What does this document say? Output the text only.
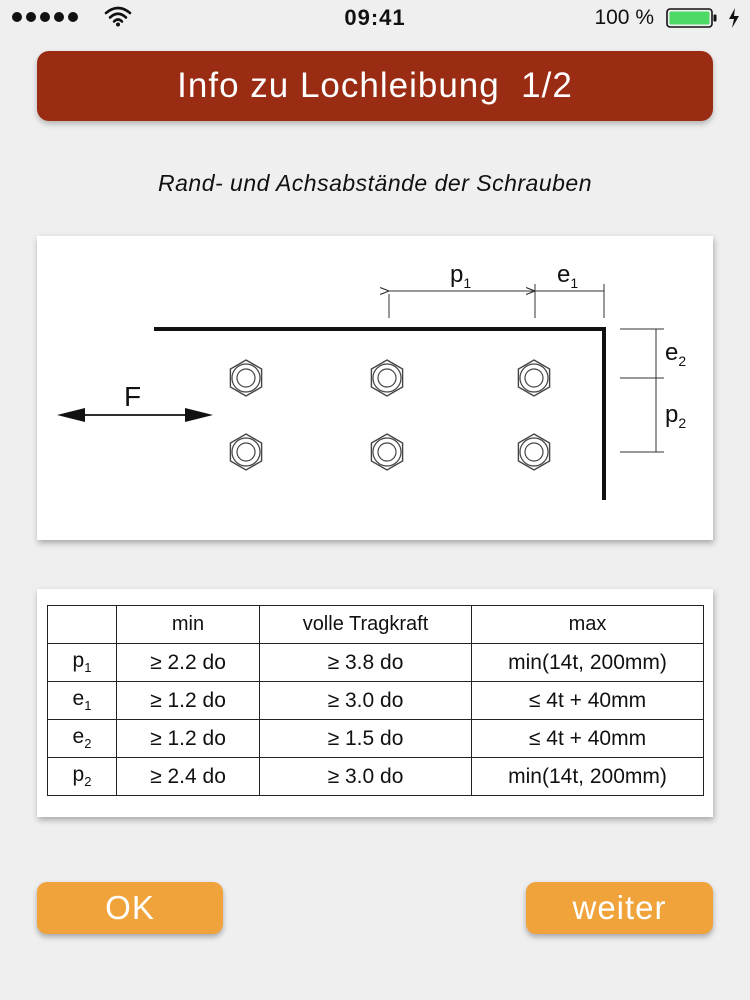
09:41	100 %
Info zu Lochleibung  1/2
Rand- und Achsabstände der Schrauben
$p_1$	$e_1$
$e_2$
$p_2$
F
	min	volle Tragkraft	max
$p_1$	≥ 2.2 do	≥ 3.8 do	min(14t, 200mm)
$e_1$	≥ 1.2 do	≥ 3.0 do	≤ 4t + 40mm
$e_2$	≥ 1.2 do	≥ 1.5 do	≤ 4t + 40mm
$p_2$	≥ 2.4 do	≥ 3.0 do	min(14t, 200mm)
OK	weiter
